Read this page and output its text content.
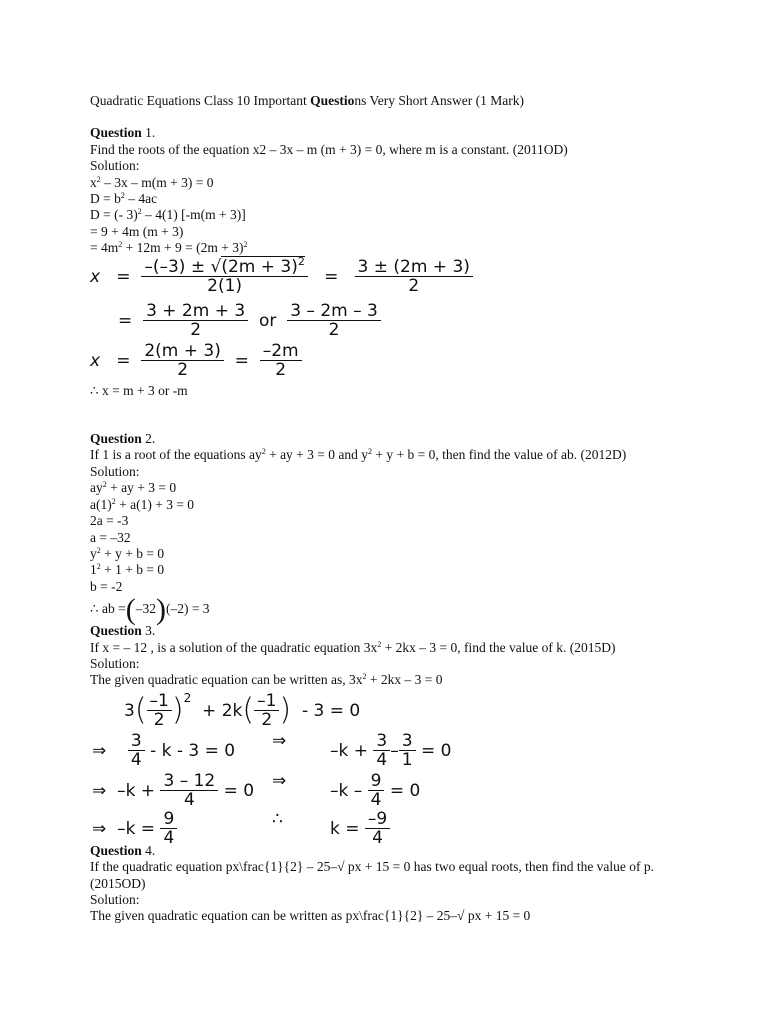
Quadratic Equations Class 10 Important Questions Very Short Answer (1 Mark)
Question 1.
Find the roots of the equation x2 – 3x – m (m + 3) = 0, where m is a constant. (2011OD)
Solution:
$x^2 - 3x - m(m + 3) = 0$
$D = b^2 - 4ac$
D = (- 3)$^2$ – 4(1) [-m(m + 3)]
= 9 + 4m (m + 3)
= $4m^2 + 12m + 9 = (2m + 3)^2$
$x = \frac{-(-3) \pm √(2m + 3)^2}{2(1)} = \frac{3 \pm (2m + 3)}{2}$
= $\frac{3 + 2m + 3}{2}$ or $\frac{3 - 2m - 3}{2}$
$x = \frac{2(m + 3)}{2} = \frac{-2m}{2}$
∴ x = m + 3 or -m
Question 2.
If 1 is a root of the equations $ay^2$ + ay + 3 = 0 and $y^2 + y + b = 0$, then find the value of ab. (2012D)
Solution:
$ay^2$ + ay + 3 = 0
$a(1)^2 + a(1) + 3 = 0$
2a = -3
a = –32
$y^2 + y + b = 0$
$1^2 + 1 + b = 0$
b = -2
∴ ab =(–32)(–2) = 3
Question 3.
If x = – 12 , is a solution of the quadratic equation $3x^2 + 2kx - 3 = 0$, find the value of k. (2015D)
Solution:
The given quadratic equation can be written as, $3x^2 + 2kx - 3 = 0$
$3( \frac{-1}{2} )^2 + 2k( \frac{-1}{2}$ ) - 3 = 0
⇒ $\frac{3}{4} - k - 3 = 0$ ⇒	$-k + \frac{3}{4} - \frac{3}{1} = 0$
⇒ $-k + \frac{3 - 12}{4} = 0$ ⇒	$-k - \frac{9}{4} = 0$
⇒ $-k = \frac{9}{4}$	∴	$k = \frac{-9}{4}$
Question 4.
If the quadratic equation px\frac{1}{2} – 25–√ px + 15 = 0 has two equal roots, then find the value of p.
(2015OD)
Solution:
The given quadratic equation can be written as px\frac{1}{2} – 25–√ px + 15 = 0
